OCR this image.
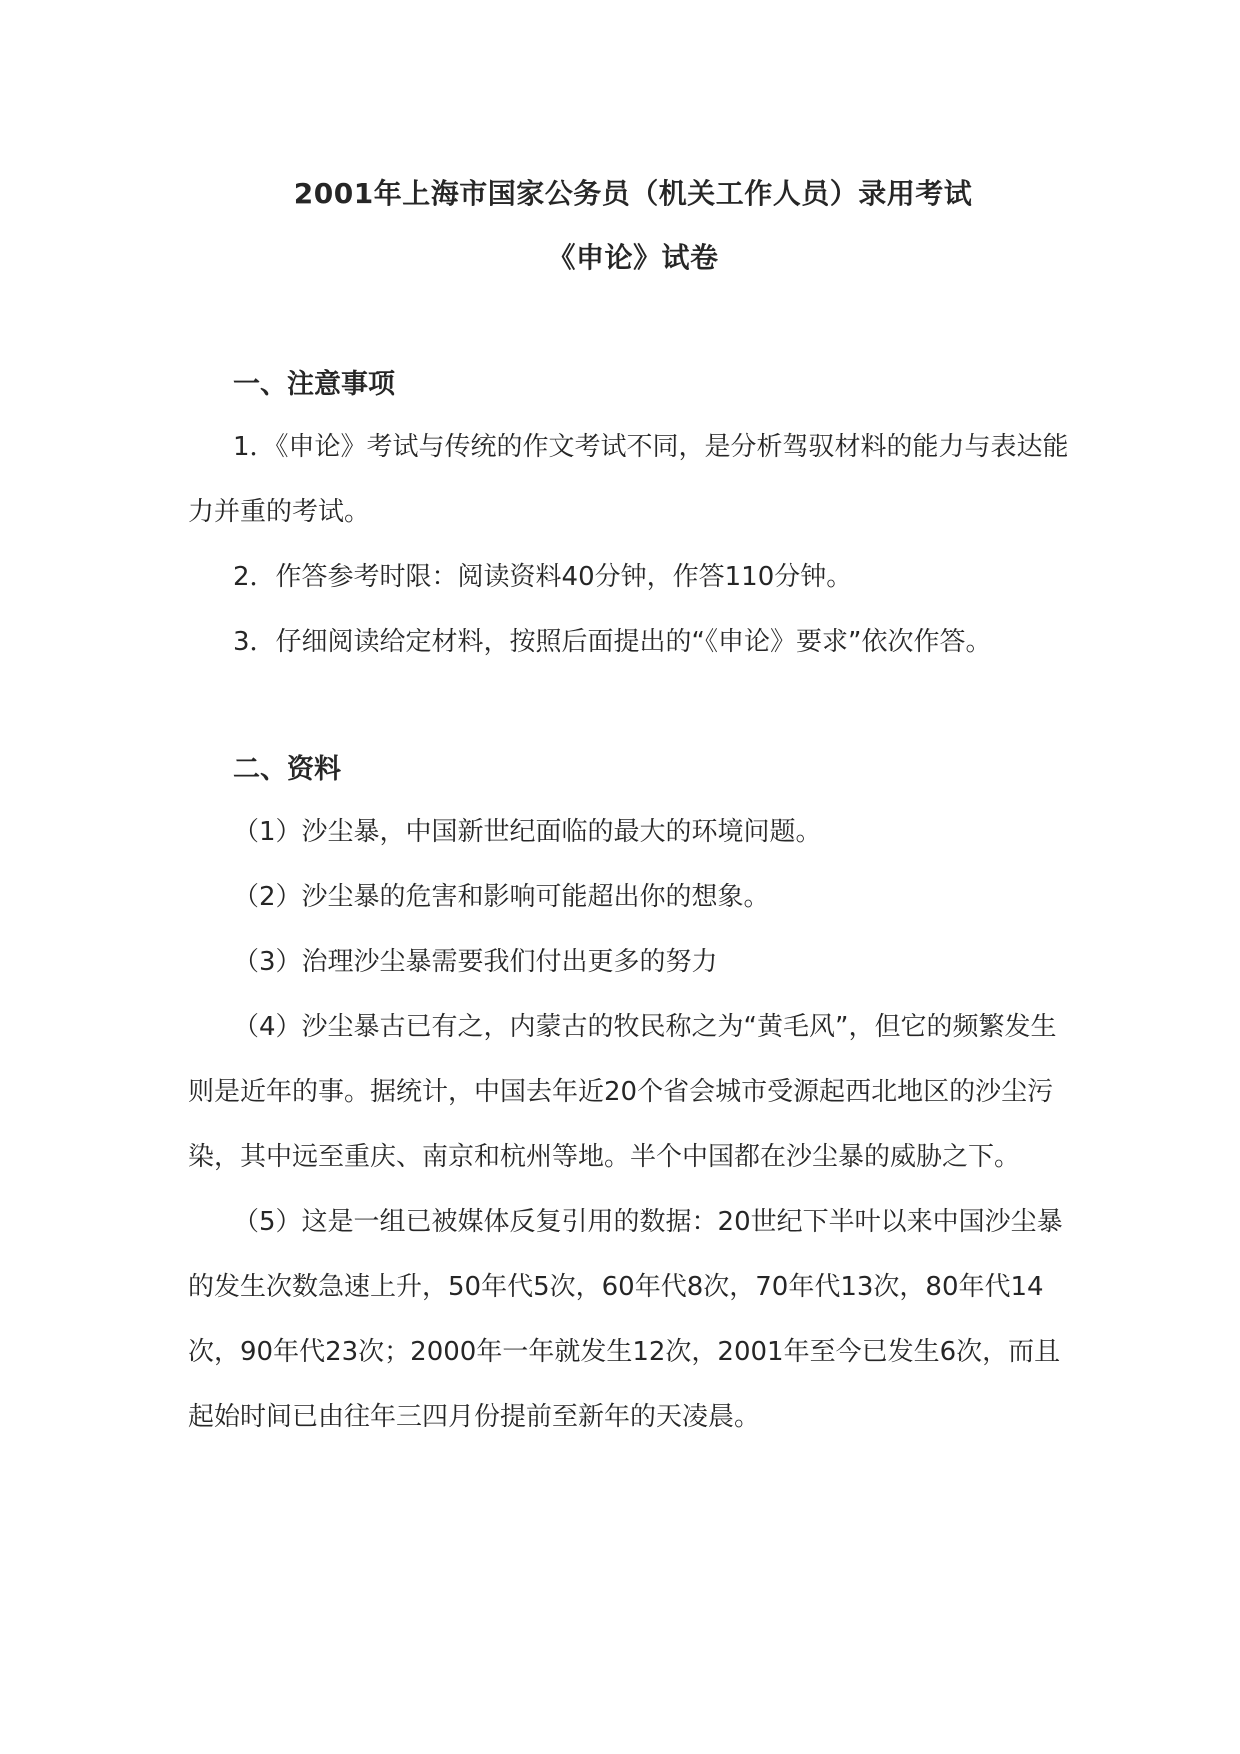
2001年上海市国家公务员（机关工作人员）录用考试
《申论》试卷
一、注意事项

1．《申论》考试与传统的作文考试不同，是分析驾驭材料的能力与表达能力并重的考试。

2．作答参考时限：阅读资料40分钟，作答110分钟。

3．仔细阅读给定材料，按照后面提出的“《申论》要求”依次作答。

二、资料

（1）沙尘暴，中国新世纪面临的最大的环境问题。

（2）沙尘暴的危害和影响可能超出你的想象。

（3）治理沙尘暴需要我们付出更多的努力

（4）沙尘暴古已有之，内蒙古的牧民称之为“黄毛风”，但它的频繁发生则是近年的事。据统计，中国去年近20个省会城市受源起西北地区的沙尘污染，其中远至重庆、南京和杭州等地。半个中国都在沙尘暴的威胁之下。

（5）这是一组已被媒体反复引用的数据：20世纪下半叶以来中国沙尘暴的发生次数急速上升，50年代5次，60年代8次，70年代13次，80年代14次，90年代23次；2000年一年就发生12次，2001年至今已发生6次，而且起始时间已由往年三四月份提前至新年的天凌晨。
